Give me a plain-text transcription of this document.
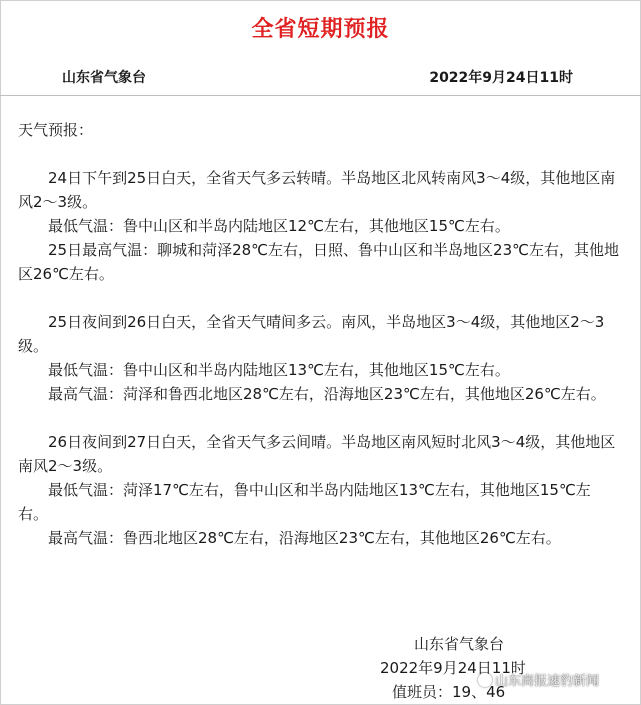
全省短期预报
山东省气象台	2022年9月24日11时

天气预报：

24日下午到25日白天，全省天气多云转晴。半岛地区北风转南风3～4级，其他地区南风2～3级。

最低气温：鲁中山区和半岛内陆地区12℃左右，其他地区15℃左右。

25日最高气温：聊城和菏泽28℃左右，日照、鲁中山区和半岛地区23℃左右，其他地区26℃左右。

25日夜间到26日白天，全省天气晴间多云。南风，半岛地区3～4级，其他地区2～3级。

最低气温：鲁中山区和半岛内陆地区13℃左右，其他地区15℃左右。

最高气温：菏泽和鲁西北地区28℃左右，沿海地区23℃左右，其他地区26℃左右。

26日夜间到27日白天，全省天气多云间晴。半岛地区南风短时北风3～4级，其他地区南风2～3级。

最低气温：菏泽17℃左右，鲁中山区和半岛内陆地区13℃左右，其他地区15℃左右。

最高气温：鲁西北地区28℃左右，沿海地区23℃左右，其他地区26℃左右。

山东省气象台
2022年9月24日11时
值班员：19、46
山东商报速豹新闻
